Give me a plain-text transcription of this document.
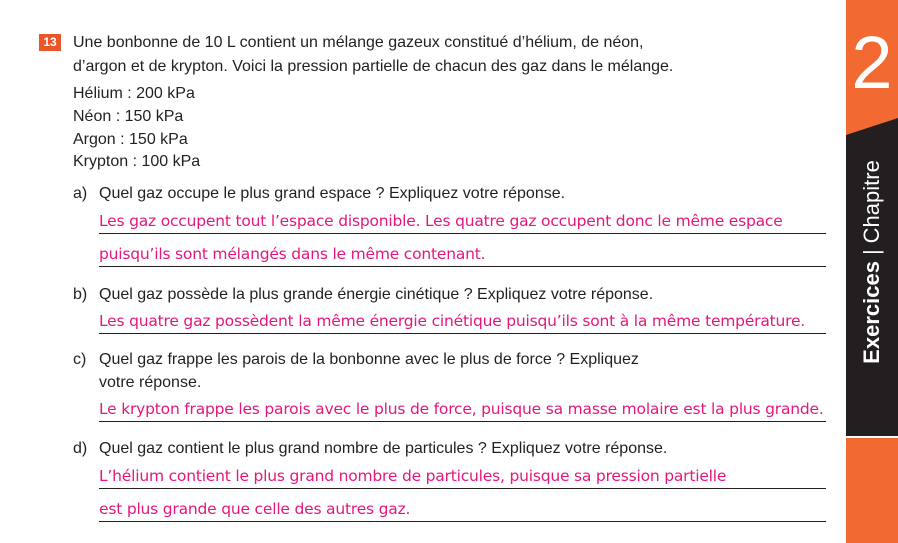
13 Une bonbonne de 10 L contient un mélange gazeux constitué d’hélium, de néon,
d’argon et de krypton. Voici la pression partielle de chacun des gaz dans le mélange.
Hélium : 200 kPa
Néon : 150 kPa
Argon : 150 kPa
Krypton : 100 kPa
a) Quel gaz occupe le plus grand espace ? Expliquez votre réponse.
Les gaz occupent tout l’espace disponible. Les quatre gaz occupent donc le même espace
puisqu’ils sont mélangés dans le même contenant.
b) Quel gaz possède la plus grande énergie cinétique ? Expliquez votre réponse.
Les quatre gaz possèdent la même énergie cinétique puisqu’ils sont à la même température.
c) Quel gaz frappe les parois de la bonbonne avec le plus de force ? Expliquez
votre réponse.
Le krypton frappe les parois avec le plus de force, puisque sa masse molaire est la plus grande.
d) Quel gaz contient le plus grand nombre de particules ? Expliquez votre réponse.
L’hélium contient le plus grand nombre de particules, puisque sa pression partielle
est plus grande que celle des autres gaz.
2
Exercices|Chapitre
